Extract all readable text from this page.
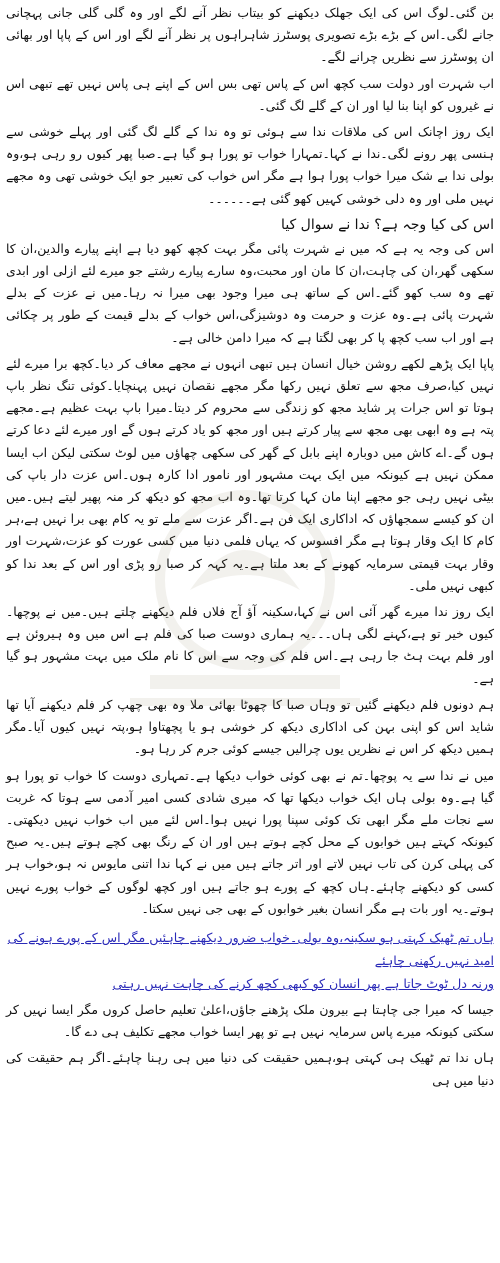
بن گئی۔لوگ اس کی ایک جھلک دیکھنے کو بیتاب نظر آنے لگے اور وہ گلی گلی جانی پہچانی جانے لگی۔اس کے بڑے بڑے تصویری پوسٹرز شاہراہوں پر نظر آنے لگے اور اس کے پاپا اور بھائی ان پوسٹرز سے نظریں چرانے لگے۔

اب شہرت اور دولت سب کچھ اس کے پاس تھی بس اس کے اپنے ہی پاس نہیں تھے تبھی اس نے غیروں کو اپنا بنا لیا اور ان کے گلے لگ گئی۔

ایک روز اچانک اس کی ملاقات ندا سے ہوئی تو وہ ندا کے گلے لگ گئی اور پہلے خوشی سے ہنسی پھر رونے لگی۔ندا نے کہا۔تمہارا خواب تو پورا ہو گیا ہے۔صبا پھر کیوں رو رہی ہو،وہ بولی ندا بے شک میرا خواب پورا ہوا ہے مگر اس خواب کی تعبیر جو ایک خوشی تھی وہ مجھے نہیں ملی اور وہ دلی خوشی کہیں کھو گئی ہے۔۔۔۔۔۔

اس کی کیا وجہ ہے؟ ندا نے سوال کیا

اس کی وجہ یہ ہے کہ میں نے شہرت پائی مگر بہت کچھ کھو دیا ہے اپنے پیارے والدین،ان کا سکھی گھر،ان کی چاہت،ان کا مان اور محبت،وہ سارے پیارے رشتے جو میرے لئے ازلی اور ابدی تھے وہ سب کھو گئے۔اس کے ساتھ ہی میرا وجود بھی میرا نہ رہا۔میں نے عزت کے بدلے شہرت پائی ہے۔وہ عزت و حرمت وہ دوشیزگی،اس خواب کے بدلے قیمت کے طور پر چکائی ہے اور اب سب کچھ پا کر بھی لگتا ہے کہ میرا دامن خالی ہے۔

پاپا ایک پڑھے لکھے روشن خیال انسان ہیں تبھی انہوں نے مجھے معاف کر دیا۔کچھ برا میرے لئے نہیں کیا،صرف مجھ سے تعلق نہیں رکھا مگر مجھے نقصان نہیں پہنچایا۔کوئی تنگ نظر باپ ہوتا تو اس جرات پر شاید مجھ کو زندگی سے محروم کر دیتا۔میرا باپ بہت عظیم ہے۔مجھے پتہ ہے وہ ابھی بھی مجھ سے پیار کرتے ہیں اور مجھ کو یاد کرتے ہوں گے اور میرے لئے دعا کرتے ہوں گے۔اے کاش میں دوبارہ اپنے بابل کے گھر کی سکھی چھاؤں میں لوٹ سکتی لیکن اب ایسا ممکن نہیں ہے کیونکہ میں ایک بہت مشہور اور نامور ادا کارہ ہوں۔اس عزت دار باپ کی بیٹی نہیں رہی جو مجھے اپنا مان کہا کرتا تھا۔وہ اب مجھ کو دیکھ کر منہ پھیر لیتے ہیں۔میں ان کو کیسے سمجھاؤں کہ اداکاری ایک فن ہے۔اگر عزت سے ملے تو یہ کام بھی برا نہیں ہے،ہر کام کا ایک وقار ہوتا ہے مگر افسوس کہ یہاں فلمی دنیا میں کسی عورت کو عزت،شہرت اور وقار بہت قیمتی سرمایہ کھونے کے بعد ملتا ہے۔یہ کہہ کر صبا رو پڑی اور اس کے بعد ندا کو کبھی نہیں ملی۔

ایک روز ندا میرے گھر آئی اس نے کہا،سکینہ آؤ آج فلاں فلم دیکھنے چلتے ہیں۔میں نے پوچھا۔کیوں خیر تو ہے،کہنے لگی ہاں۔۔۔یہ ہماری دوست صبا کی فلم ہے اس میں وہ ہیروئن ہے اور فلم بہت ہٹ جا رہی ہے۔اس فلم کی وجہ سے اس کا نام ملک میں بہت مشہور ہو گیا ہے۔

ہم دونوں فلم دیکھنے گئیں تو وہاں صبا کا چھوٹا بھائی ملا وہ بھی چھپ کر فلم دیکھنے آیا تھا شاید اس کو اپنی بہن کی اداکاری دیکھ کر خوشی ہو یا پچھتاوا ہو،پتہ نہیں کیوں آیا۔مگر ہمیں دیکھ کر اس نے نظریں یوں چرالیں جیسے کوئی جرم کر رہا ہو۔

میں نے ندا سے یہ پوچھا۔تم نے بھی کوئی خواب دیکھا ہے۔تمہاری دوست کا خواب تو پورا ہو گیا ہے۔وہ بولی ہاں ایک خواب دیکھا تھا کہ میری شادی کسی امیر آدمی سے ہوتا کہ غربت سے نجات ملے مگر ابھی تک کوئی سپنا پورا نہیں ہوا۔اس لئے میں اب خواب نہیں دیکھتی۔کیونکہ کہتے ہیں خوابوں کے محل کچے ہوتے ہیں اور ان کے رنگ بھی کچے ہوتے ہیں۔یہ صبح کی پہلی کرن کی تاب نہیں لاتے اور اتر جاتے ہیں میں نے کہا ندا اتنی مایوس نہ ہو،خواب ہر کسی کو دیکھنے چاہئے۔ہاں کچھ کے پورے ہو جاتے ہیں اور کچھ لوگوں کے خواب پورے نہیں ہوتے۔یہ اور بات ہے مگر انسان بغیر خوابوں کے بھی جی نہیں سکتا۔

ہاں تم ٹھیک کہتی ہو سکینہ،وہ بولی۔خواب ضرور دیکھنے چاہئیں مگر اس کے پورے ہونے کی امید نہیں رکھنی چاہئے
ورنہ دل ٹوٹ جاتا ہے پھر انسان کو کبھی کچھ کرنے کی چاہت نہیں رہتی

جیسا کہ میرا جی چاہتا ہے بیرون ملک پڑھنے جاؤں،اعلیٰ تعلیم حاصل کروں مگر ایسا نہیں کر سکتی کیونکہ میرے پاس سرمایہ نہیں ہے تو پھر ایسا خواب مجھے تکلیف ہی دے گا۔

ہاں ندا تم ٹھیک ہی کہتی ہو،ہمیں حقیقت کی دنیا میں ہی رہنا چاہئے۔اگر ہم حقیقت کی دنیا میں ہی
